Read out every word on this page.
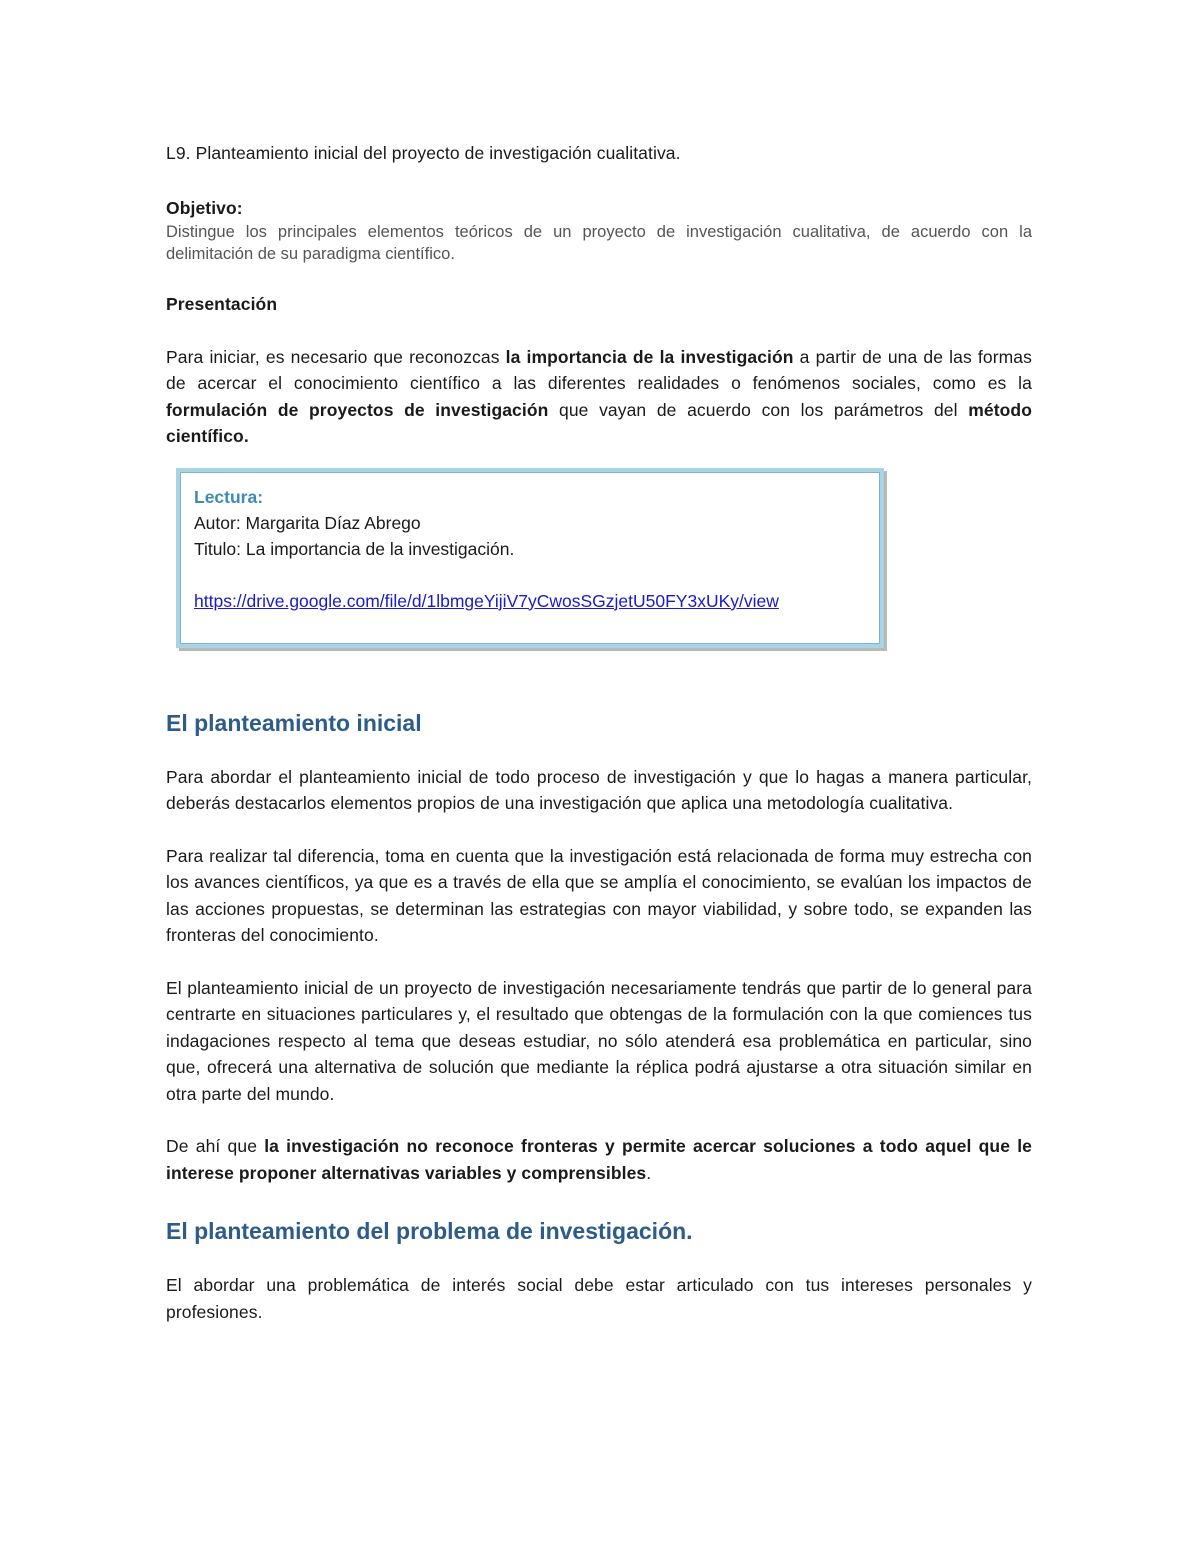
L9. Planteamiento inicial del proyecto de investigación cualitativa.

Objetivo:

Distingue los principales elementos teóricos de un proyecto de investigación cualitativa, de acuerdo con la delimitación de su paradigma científico.

Presentación

Para iniciar, es necesario que reconozcas la importancia de la investigación a partir de una de las formas de acercar el conocimiento científico a las diferentes realidades o fenómenos sociales, como es la formulación de proyectos de investigación que vayan de acuerdo con los parámetros del método científico.

Lectura:

Autor: Margarita Díaz Abrego

Titulo: La importancia de la investigación.

https://drive.google.com/file/d/1lbmgeYijiV7yCwosSGzjetU50FY3xUKy/view
El planteamiento inicial

Para abordar el planteamiento inicial de todo proceso de investigación y que lo hagas a manera particular, deberás destacarlos elementos propios de una investigación que aplica una metodología cualitativa.

Para realizar tal diferencia, toma en cuenta que la investigación está relacionada de forma muy estrecha con los avances científicos, ya que es a través de ella que se amplía el conocimiento, se evalúan los impactos de las acciones propuestas, se determinan las estrategias con mayor viabilidad, y sobre todo, se expanden las fronteras del conocimiento.

El planteamiento inicial de un proyecto de investigación necesariamente tendrás que partir de lo general para centrarte en situaciones particulares y, el resultado que obtengas de la formulación con la que comiences tus indagaciones respecto al tema que deseas estudiar, no sólo atenderá esa problemática en particular, sino que, ofrecerá una alternativa de solución que mediante la réplica podrá ajustarse a otra situación similar en otra parte del mundo.

De ahí que la investigación no reconoce fronteras y permite acercar soluciones a todo aquel que le interese proponer alternativas variables y comprensibles.

El planteamiento del problema de investigación.

El abordar una problemática de interés social debe estar articulado con tus intereses personales y profesiones.
